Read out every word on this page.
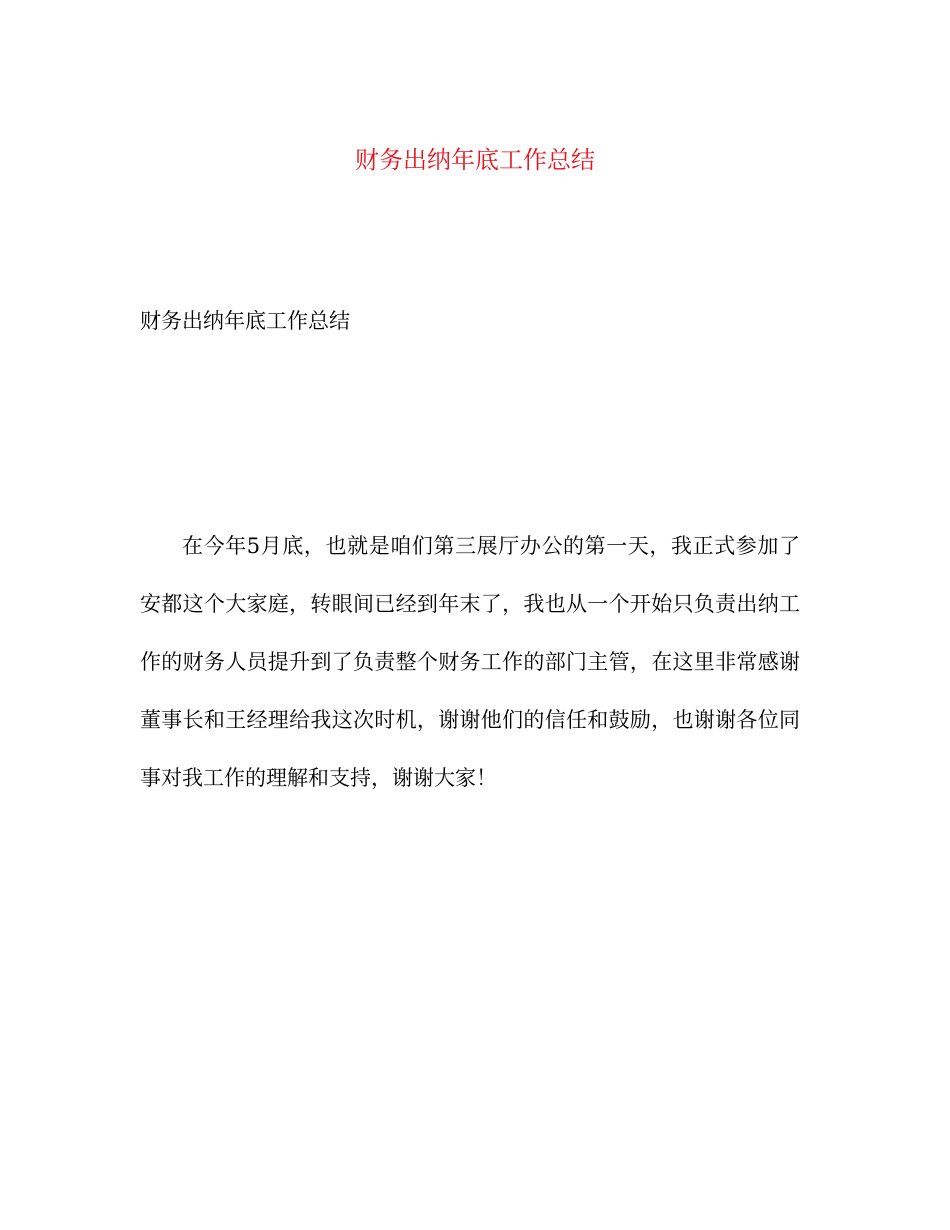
财务出纳年底工作总结
财务出纳年底工作总结

在今年5月底，也就是咱们第三展厅办公的第一天，我正式参加了安都这个大家庭，转眼间已经到年末了，我也从一个开始只负责出纳工作的财务人员提升到了负责整个财务工作的部门主管，在这里非常感谢董事长和王经理给我这次时机，谢谢他们的信任和鼓励，也谢谢各位同事对我工作的理解和支持，谢谢大家！
